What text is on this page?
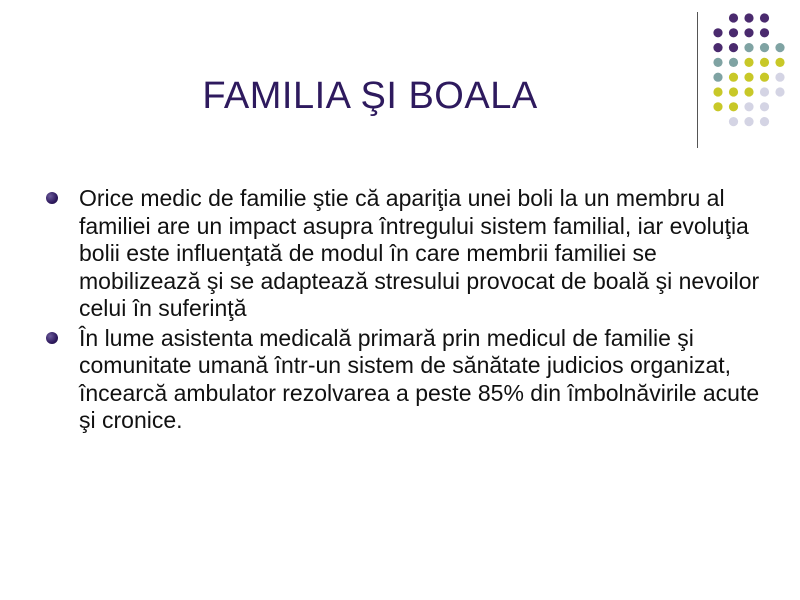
FAMILIA ŞI BOALA
Orice medic de familie ştie că apariţia unei boli la un membru al familiei are un impact asupra întregului sistem familial, iar evoluţia bolii este influenţată de modul în care membrii familiei se mobilizează şi se adaptează stresului provocat de boală şi nevoilor celui în suferinţă
În lume asistenta medicală primară prin medicul de familie şi comunitate umană într-un sistem de sănătate judicios organizat, încearcă ambulator rezolvarea a peste 85% din îmbolnăvirile acute şi cronice.
